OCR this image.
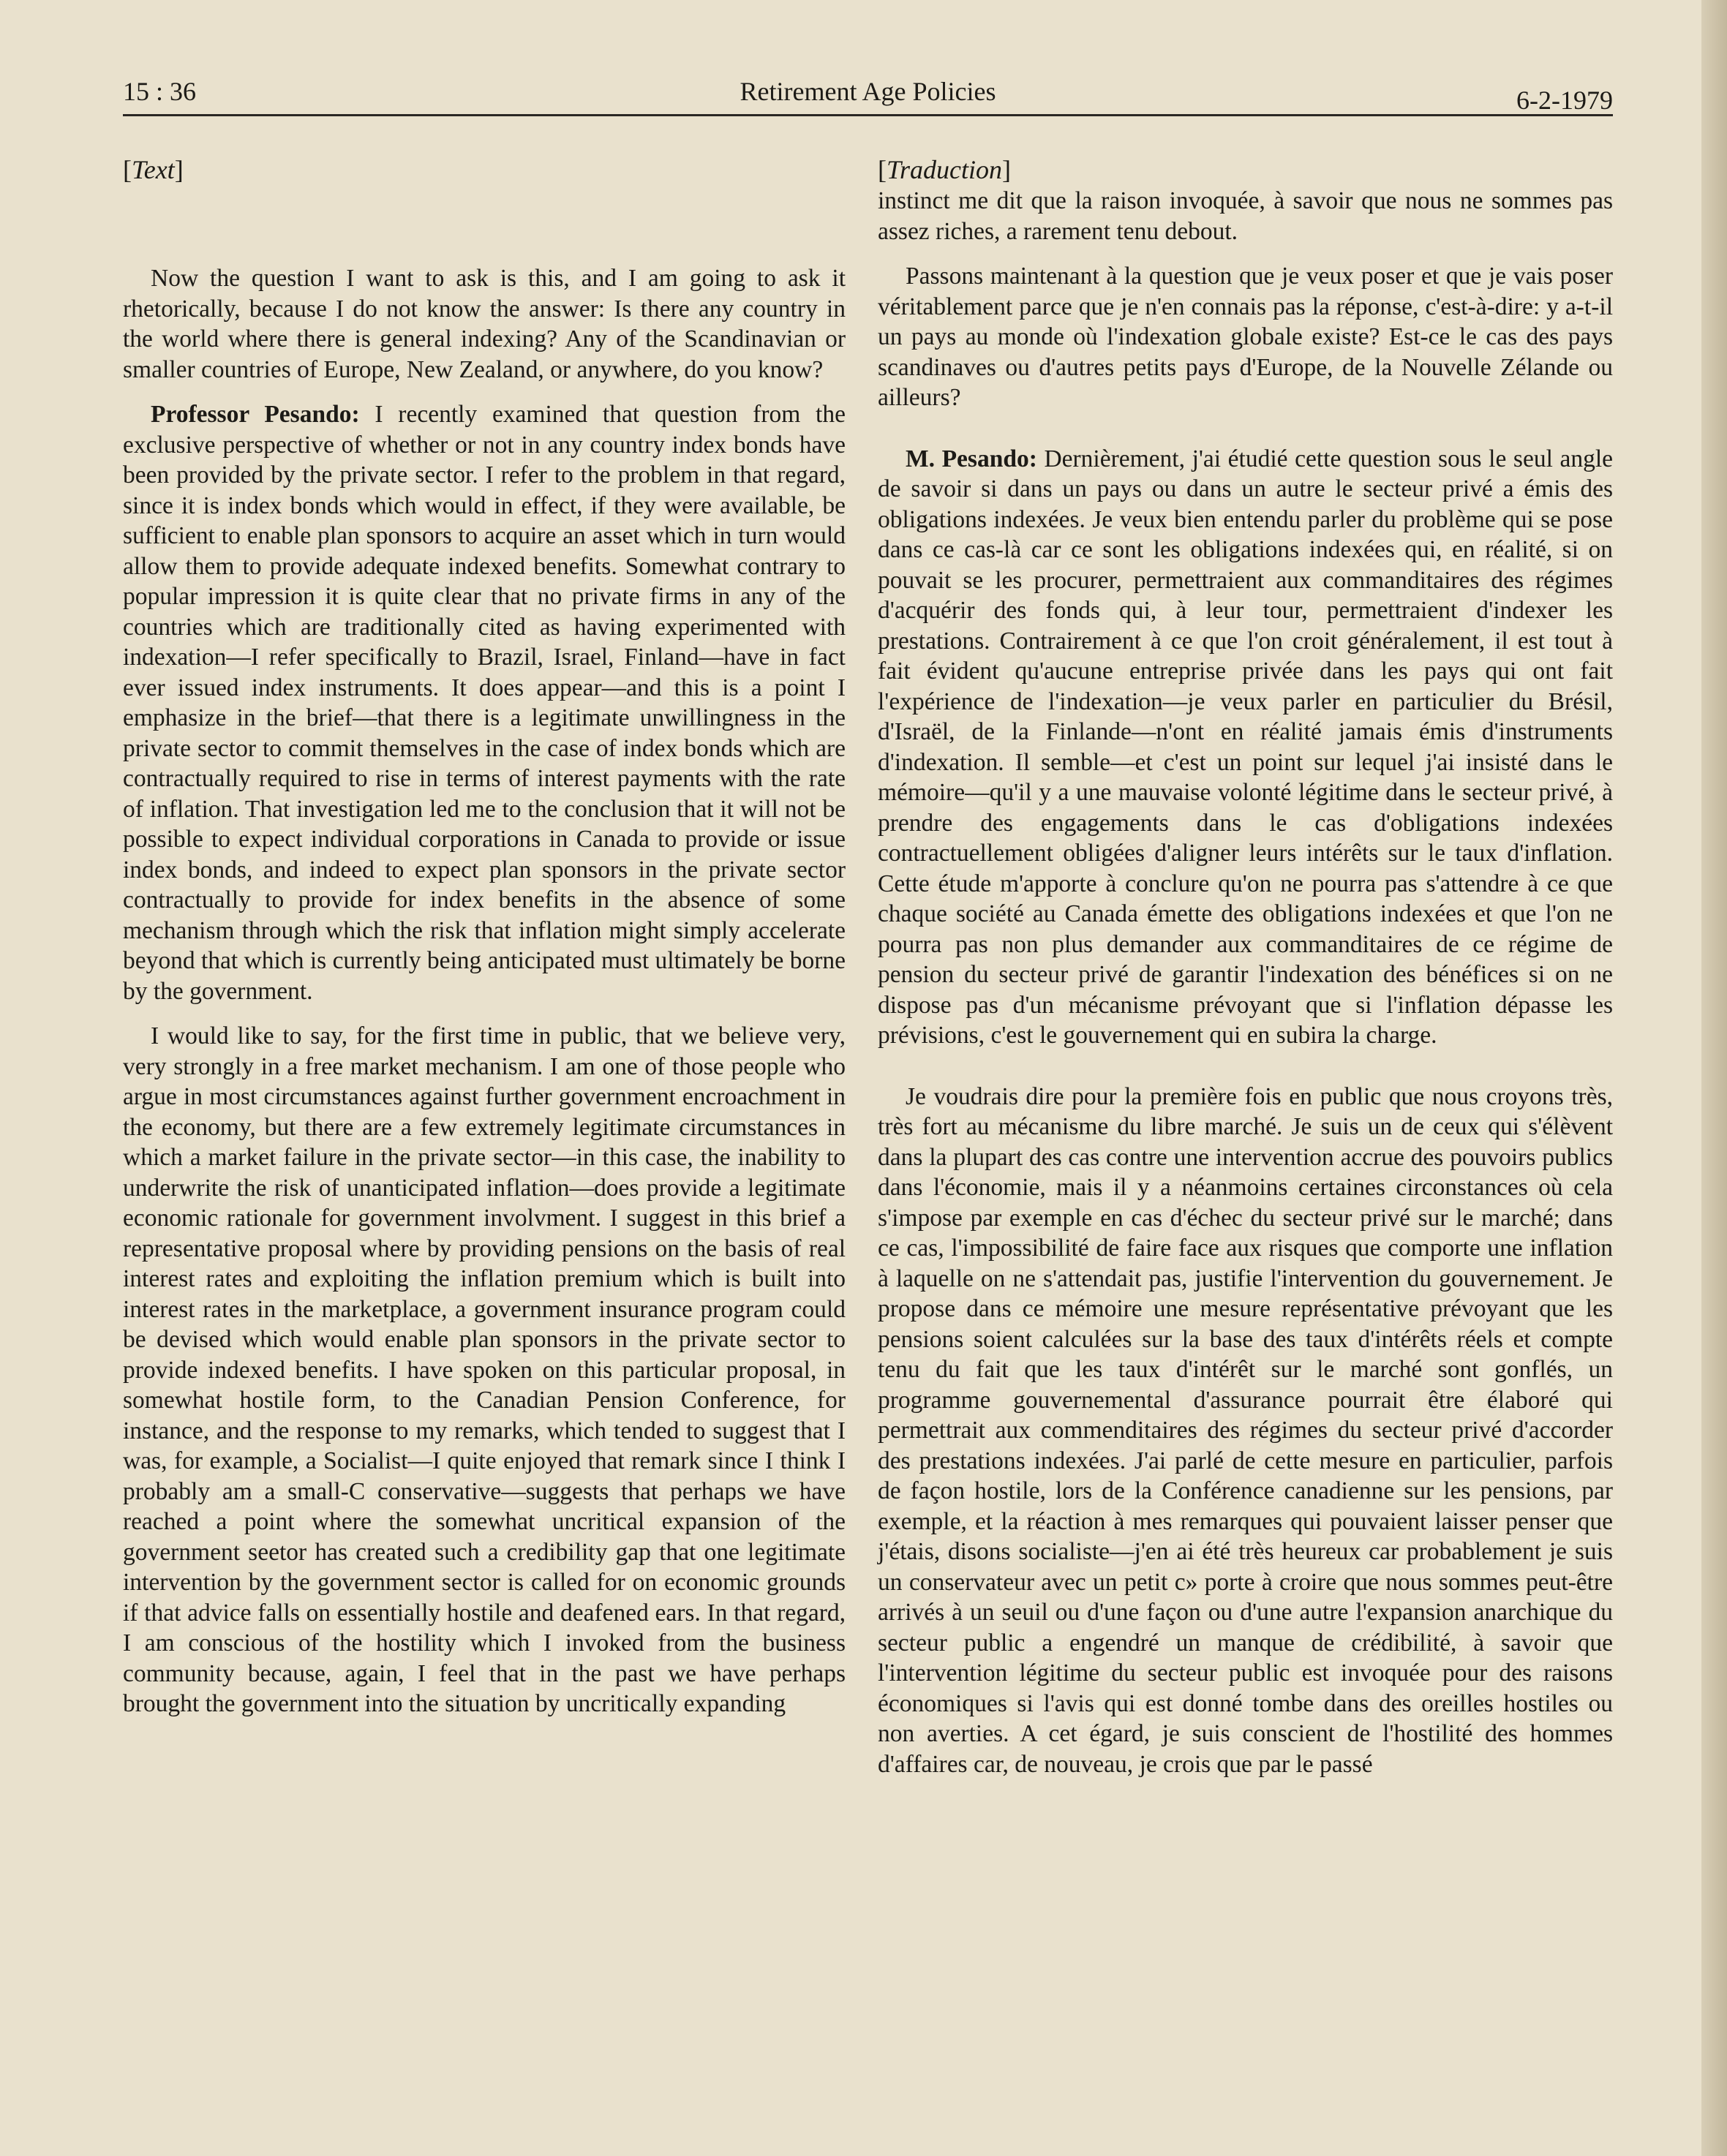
15 : 36	Retirement Age Policies	6-2-1979

[Text]

Now the question I want to ask is this, and I am going to ask it rhetorically, because I do not know the answer: Is there any country in the world where there is general indexing? Any of the Scandinavian or smaller countries of Europe, New Zealand, or anywhere, do you know?

Professor Pesando: I recently examined that question from the exclusive perspective of whether or not in any country index bonds have been provided by the private sector. I refer to the problem in that regard, since it is index bonds which would in effect, if they were available, be sufficient to enable plan sponsors to acquire an asset which in turn would allow them to provide adequate indexed benefits. Somewhat contrary to popular impression it is quite clear that no private firms in any of the countries which are traditionally cited as having experimented with indexation—I refer specifically to Brazil, Israel, Finland—have in fact ever issued index instruments. It does appear—and this is a point I emphasize in the brief—that there is a legitimate unwillingness in the private sector to commit themselves in the case of index bonds which are contractually required to rise in terms of interest payments with the rate of inflation. That investigation led me to the conclusion that it will not be possible to expect individual corporations in Canada to provide or issue index bonds, and indeed to expect plan sponsors in the private sector contractually to provide for index benefits in the absence of some mechanism through which the risk that inflation might simply accelerate beyond that which is currently being anticipated must ultimately be borne by the government.

I would like to say, for the first time in public, that we believe very, very strongly in a free market mechanism. I am one of those people who argue in most circumstances against further government encroachment in the economy, but there are a few extremely legitimate circumstances in which a market failure in the private sector—in this case, the inability to underwrite the risk of unanticipated inflation—does provide a legitimate economic rationale for government involvment. I suggest in this brief a representative proposal where by providing pensions on the basis of real interest rates and exploiting the inflation premium which is built into interest rates in the marketplace, a government insurance program could be devised which would enable plan sponsors in the private sector to provide indexed benefits. I have spoken on this particular proposal, in somewhat hostile form, to the Canadian Pension Conference, for instance, and the response to my remarks, which tended to suggest that I was, for example, a Socialist—I quite enjoyed that remark since I think I probably am a small-C conservative—suggests that perhaps we have reached a point where the somewhat uncritical expansion of the government seetor has created such a credibility gap that one legitimate intervention by the government sector is called for on economic grounds if that advice falls on essentially hostile and deafened ears. In that regard, I am conscious of the hostility which I invoked from the business community because, again, I feel that in the past we have perhaps brought the government into the situation by uncritically expanding

[Traduction]

instinct me dit que la raison invoquée, à savoir que nous ne sommes pas assez riches, a rarement tenu debout.

Passons maintenant à la question que je veux poser et que je vais poser véritablement parce que je n'en connais pas la réponse, c'est-à-dire: y a-t-il un pays au monde où l'indexation globale existe? Est-ce le cas des pays scandinaves ou d'autres petits pays d'Europe, de la Nouvelle Zélande ou ailleurs?

M. Pesando: Dernièrement, j'ai étudié cette question sous le seul angle de savoir si dans un pays ou dans un autre le secteur privé a émis des obligations indexées. Je veux bien entendu parler du problème qui se pose dans ce cas-là car ce sont les obligations indexées qui, en réalité, si on pouvait se les procurer, permettraient aux commanditaires des régimes d'acquérir des fonds qui, à leur tour, permettraient d'indexer les prestations. Contrairement à ce que l'on croit généralement, il est tout à fait évident qu'aucune entreprise privée dans les pays qui ont fait l'expérience de l'indexation—je veux parler en particulier du Brésil, d'Israël, de la Finlande—n'ont en réalité jamais émis d'instruments d'indexation. Il semble—et c'est un point sur lequel j'ai insisté dans le mémoire—qu'il y a une mauvaise volonté légitime dans le secteur privé, à prendre des engagements dans le cas d'obligations indexées contractuellement obligées d'aligner leurs intérêts sur le taux d'inflation. Cette étude m'apporte à conclure qu'on ne pourra pas s'attendre à ce que chaque société au Canada émette des obligations indexées et que l'on ne pourra pas non plus demander aux commanditaires de ce régime de pension du secteur privé de garantir l'indexation des bénéfices si on ne dispose pas d'un mécanisme prévoyant que si l'inflation dépasse les prévisions, c'est le gouvernement qui en subira la charge.

Je voudrais dire pour la première fois en public que nous croyons très, très fort au mécanisme du libre marché. Je suis un de ceux qui s'élèvent dans la plupart des cas contre une intervention accrue des pouvoirs publics dans l'économie, mais il y a néanmoins certaines circonstances où cela s'impose par exemple en cas d'échec du secteur privé sur le marché; dans ce cas, l'impossibilité de faire face aux risques que comporte une inflation à laquelle on ne s'attendait pas, justifie l'intervention du gouvernement. Je propose dans ce mémoire une mesure représentative prévoyant que les pensions soient calculées sur la base des taux d'intérêts réels et compte tenu du fait que les taux d'intérêt sur le marché sont gonflés, un programme gouvernemental d'assurance pourrait être élaboré qui permettrait aux commenditaires des régimes du secteur privé d'accorder des prestations indexées. J'ai parlé de cette mesure en particulier, parfois de façon hostile, lors de la Conférence canadienne sur les pensions, par exemple, et la réaction à mes remarques qui pouvaient laisser penser que j'étais, disons socialiste—j'en ai été très heureux car probablement je suis un conservateur avec un petit c» porte à croire que nous sommes peut-être arrivés à un seuil ou d'une façon ou d'une autre l'expansion anarchique du secteur public a engendré un manque de crédibilité, à savoir que l'intervention légitime du secteur public est invoquée pour des raisons économiques si l'avis qui est donné tombe dans des oreilles hostiles ou non averties. A cet égard, je suis conscient de l'hostilité des hommes d'affaires car, de nouveau, je crois que par le passé
